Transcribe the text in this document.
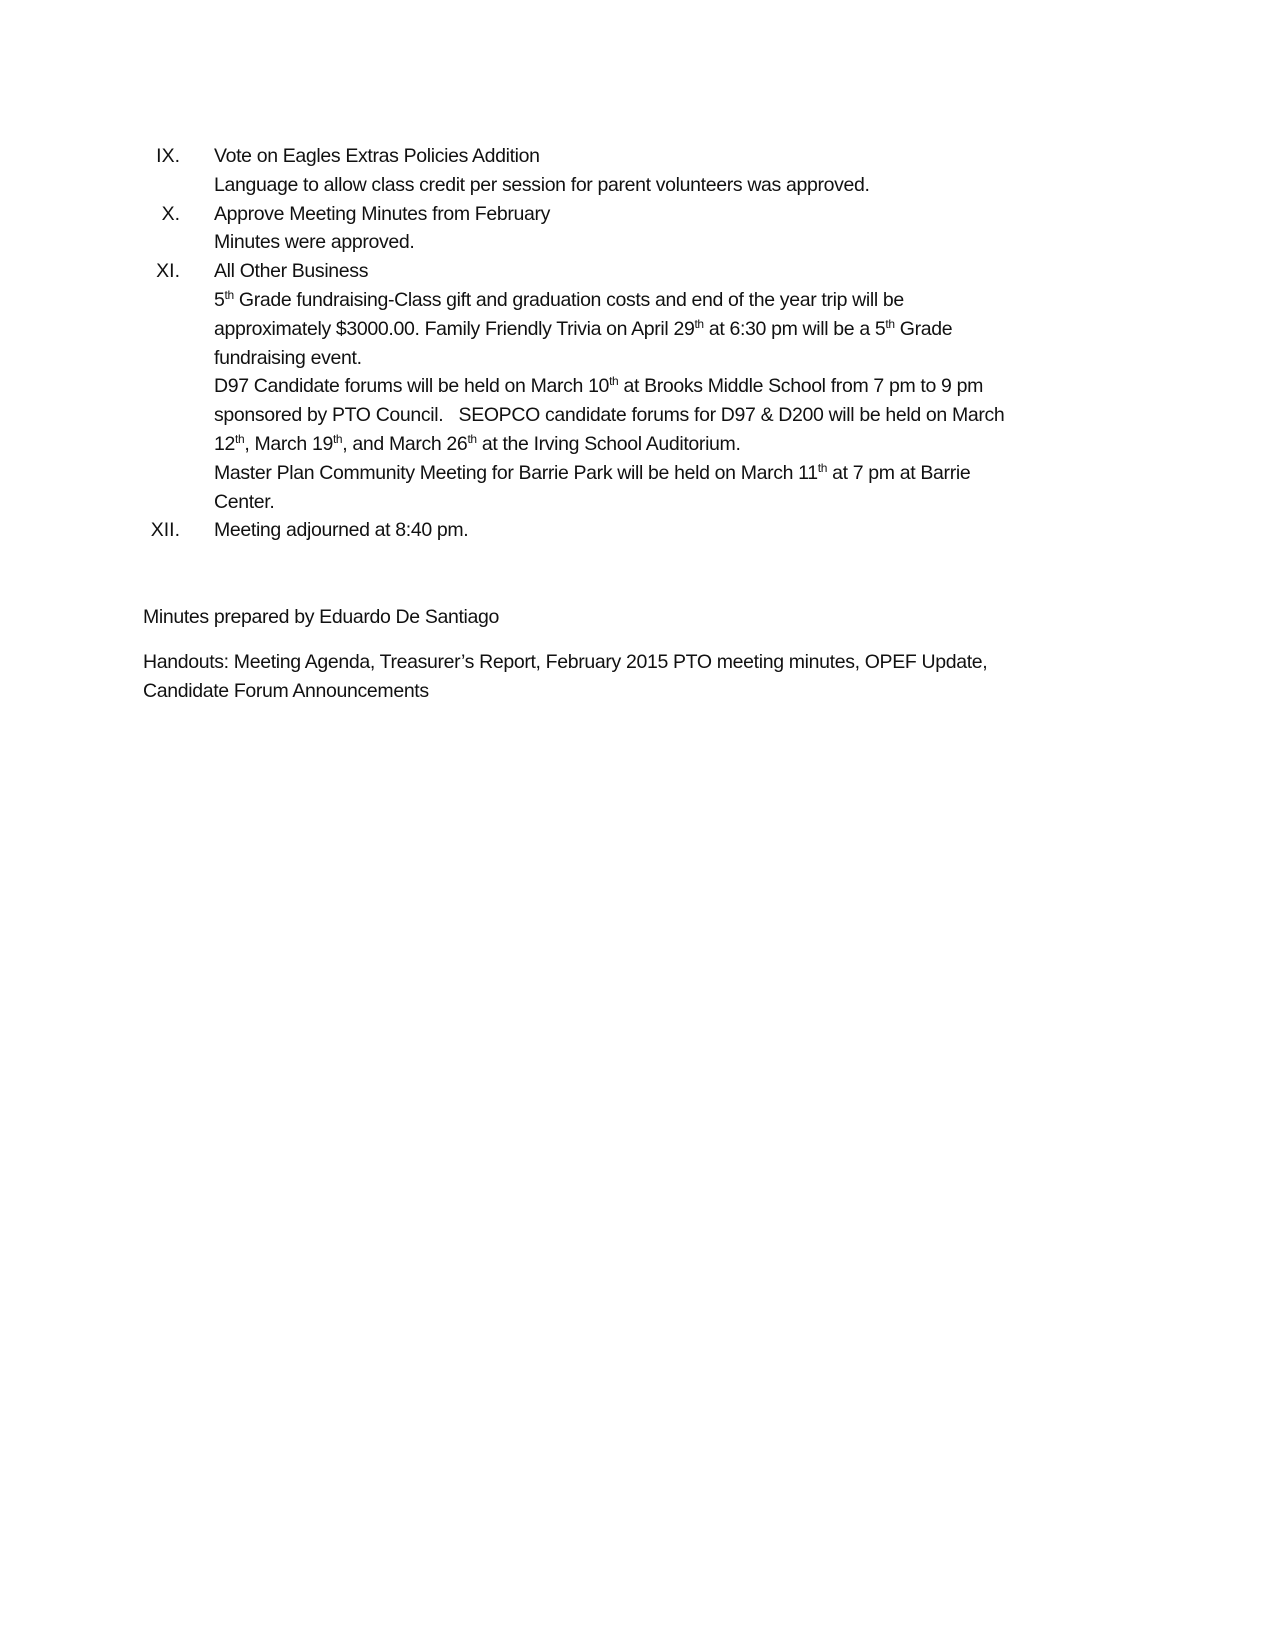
IX. Vote on Eagles Extras Policies Addition
Language to allow class credit per session for parent volunteers was approved.
X. Approve Meeting Minutes from February
Minutes were approved.
XI. All Other Business
5th Grade fundraising-Class gift and graduation costs and end of the year trip will be
approximately $3000.00. Family Friendly Trivia on April 29th at 6:30 pm will be a 5th Grade
fundraising event.
D97 Candidate forums will be held on March 10th at Brooks Middle School from 7 pm to 9 pm
sponsored by PTO Council.   SEOPCO candidate forums for D97 & D200 will be held on March
12th, March 19th, and March 26th at the Irving School Auditorium.
Master Plan Community Meeting for Barrie Park will be held on March 11th at 7 pm at Barrie
Center.
XII. Meeting adjourned at 8:40 pm.
Minutes prepared by Eduardo De Santiago
Handouts: Meeting Agenda, Treasurer’s Report, February 2015 PTO meeting minutes, OPEF Update,
Candidate Forum Announcements
